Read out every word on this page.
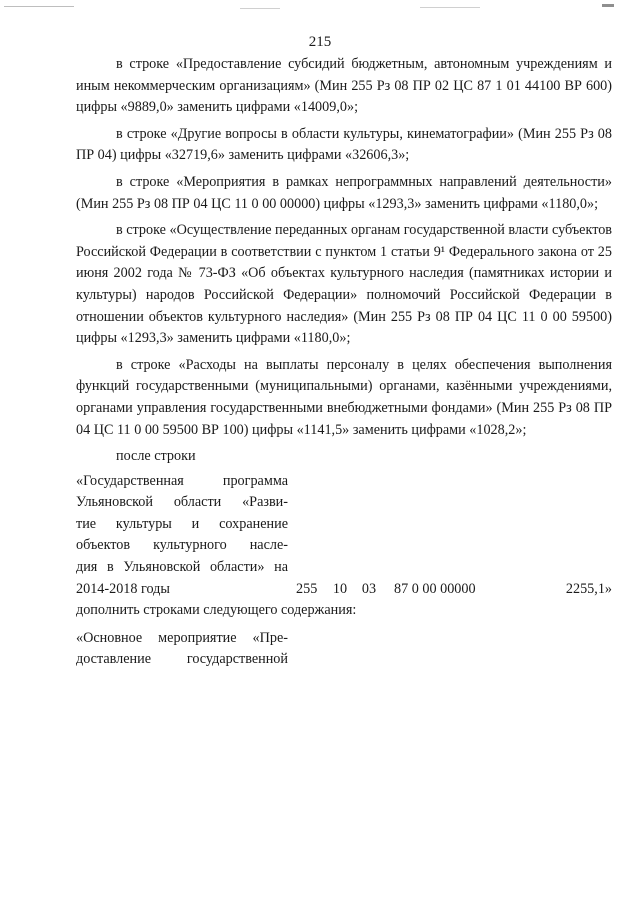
215

в строке «Предоставление субсидий бюджетным, автономным учреждениям и иным некоммерческим организациям» (Мин 255 Рз 08 ПР 02 ЦС 87 1 01 44100 ВР 600) цифры «9889,0» заменить цифрами «14009,0»;

в строке «Другие вопросы в области культуры, кинематографии» (Мин 255 Рз 08 ПР 04) цифры «32719,6» заменить цифрами «32606,3»;

в строке «Мероприятия в рамках непрограммных направлений деятельности» (Мин 255 Рз 08 ПР 04 ЦС 11 0 00 00000) цифры «1293,3» заменить цифрами «1180,0»;

в строке «Осуществление переданных органам государственной власти субъектов Российской Федерации в соответствии с пунктом 1 статьи 9¹ Федерального закона от 25 июня 2002 года № 73-ФЗ «Об объектах культурного наследия (памятниках истории и культуры) народов Российской Федерации» полномочий Российской Федерации в отношении объектов культурного наследия» (Мин 255 Рз 08 ПР 04 ЦС 11 0 00 59500) цифры «1293,3» заменить цифрами «1180,0»;

в строке «Расходы на выплаты персоналу в целях обеспечения выполнения функций государственными (муниципальными) органами, казёнными учреждениями, органами управления государственными внебюджетными фондами» (Мин 255 Рз 08 ПР 04 ЦС 11 0 00 59500 ВР 100) цифры «1141,5» заменить цифрами «1028,2»;

после строки
«Государственная программа
Ульяновской области «Разви-
тие культуры и сохранение
объектов культурного насле-
дия в Ульяновской области» на
2014-2018 годы	255	10	03	87 0 00 00000	2255,1»

дополнить строками следующего содержания:

«Основное мероприятие «Пре-
доставление государственной
